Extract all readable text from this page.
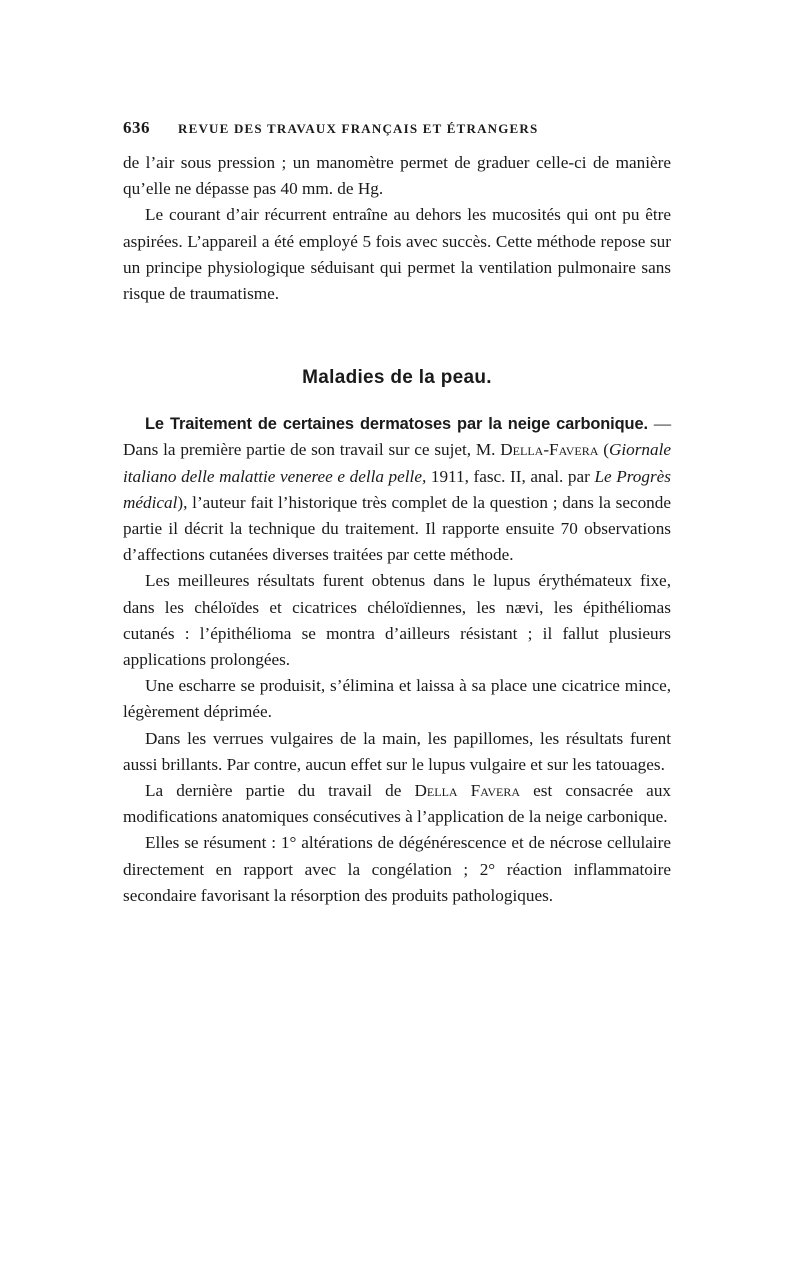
636 REVUE DES TRAVAUX FRANÇAIS ET ÉTRANGERS

de l’air sous pression ; un manomètre permet de graduer celle-ci de manière qu’elle ne dépasse pas 40 mm. de Hg.

Le courant d’air récurrent entraîne au dehors les mucosités qui ont pu être aspirées. L’appareil a été employé 5 fois avec succès. Cette méthode repose sur un principe physiologique séduisant qui permet la ventilation pulmonaire sans risque de traumatisme.

Maladies de la peau.

Le Traitement de certaines dermatoses par la neige carbonique. — Dans la première partie de son travail sur ce sujet, M. Della-Favera (Giornale italiano delle malattie veneree e della pelle, 1911, fasc. II, anal. par Le Progrès médical), l’auteur fait l’historique très complet de la question ; dans la seconde partie il décrit la technique du traitement. Il rapporte ensuite 70 observations d’affections cutanées diverses traitées par cette méthode.

Les meilleures résultats furent obtenus dans le lupus érythémateux fixe, dans les chéloïdes et cicatrices chéloïdiennes, les nævi, les épithéliomas cutanés : l’épithélioma se montra d’ailleurs résistant ; il fallut plusieurs applications prolongées.

Une escharre se produisit, s’élimina et laissa à sa place une cicatrice mince, légèrement déprimée.

Dans les verrues vulgaires de la main, les papillomes, les résultats furent aussi brillants. Par contre, aucun effet sur le lupus vulgaire et sur les tatouages.

La dernière partie du travail de Della Favera est consacrée aux modifications anatomiques consécutives à l’application de la neige carbonique.

Elles se résument : 1° altérations de dégénérescence et de nécrose cellulaire directement en rapport avec la congélation ; 2° réaction inflammatoire secondaire favorisant la résorption des produits pathologiques.
